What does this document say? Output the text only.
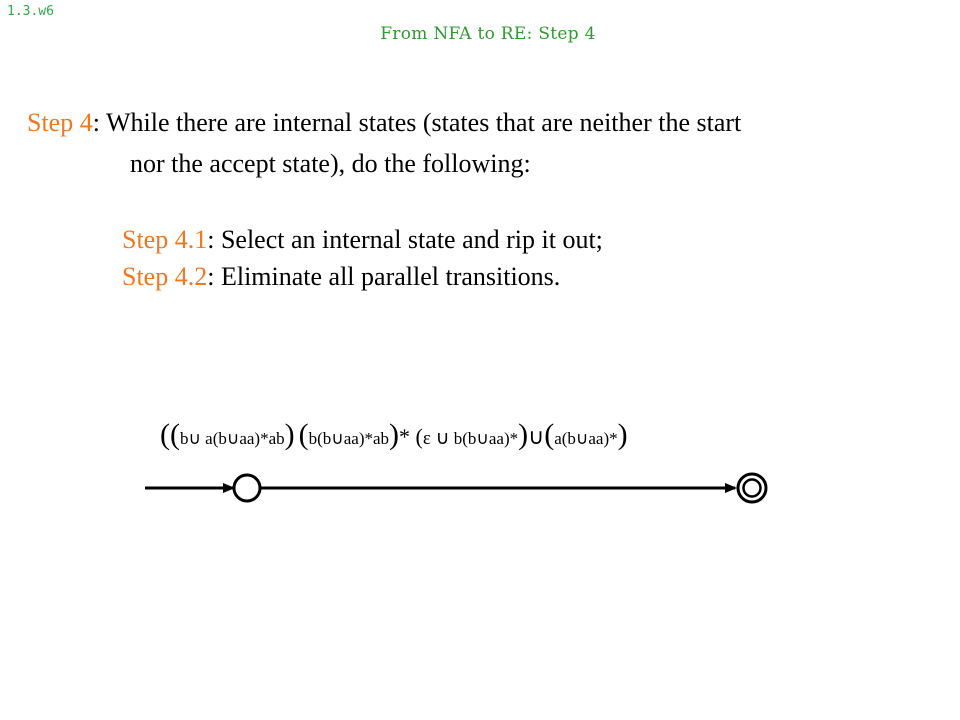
1.3.w6
From NFA to RE: Step 4
Step 4: While there are internal states (states that are neither the start
nor the accept state), do the following:
Step 4.1: Select an internal state and rip it out;
Step 4.2: Eliminate all parallel transitions.
((b∪ a(b∪aa)*ab) (b(b∪aa)*ab)* (ε ∪ b(b∪aa)*)∪(a(b∪aa)*)
